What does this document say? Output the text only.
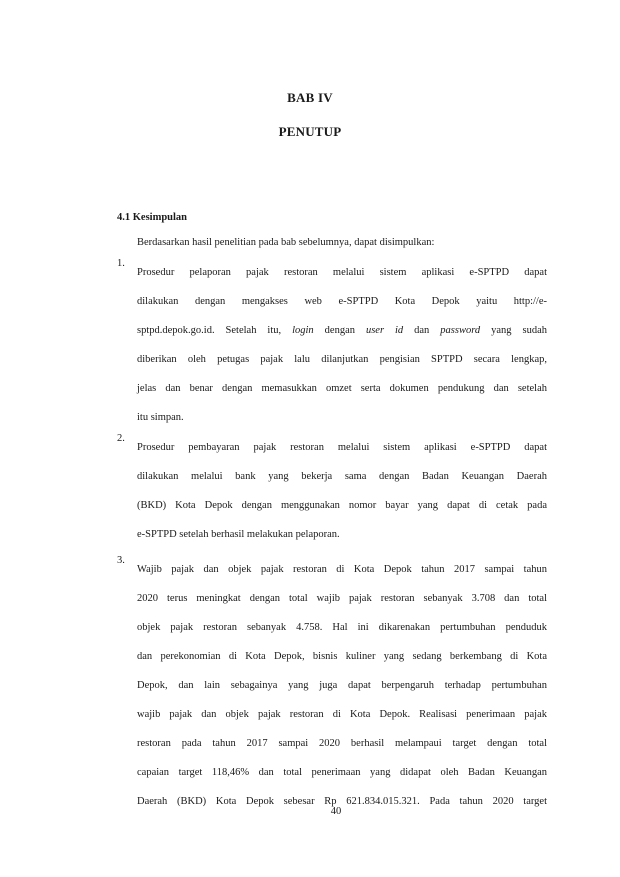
BAB IV
PENUTUP
4.1 Kesimpulan
Berdasarkan hasil penelitian pada bab sebelumnya, dapat disimpulkan:
1.
Prosedur pelaporan pajak restoran melalui sistem aplikasi e-SPTPD dapat
dilakukan dengan mengakses web e-SPTPD Kota Depok yaitu http://e-
sptpd.depok.go.id. Setelah itu, login dengan user id dan password yang sudah
diberikan oleh petugas pajak lalu dilanjutkan pengisian SPTPD secara lengkap,
jelas dan benar dengan memasukkan omzet serta dokumen pendukung dan setelah
itu simpan.
2.
Prosedur pembayaran pajak restoran melalui sistem aplikasi e-SPTPD dapat
dilakukan melalui bank yang bekerja sama dengan Badan Keuangan Daerah
(BKD) Kota Depok dengan menggunakan nomor bayar yang dapat di cetak pada
e-SPTPD setelah berhasil melakukan pelaporan.
3.
Wajib pajak dan objek pajak restoran di Kota Depok tahun 2017 sampai tahun
2020 terus meningkat dengan total wajib pajak restoran sebanyak 3.708 dan total
objek pajak restoran sebanyak 4.758. Hal ini dikarenakan pertumbuhan penduduk
dan perekonomian di Kota Depok, bisnis kuliner yang sedang berkembang di Kota
Depok, dan lain sebagainya yang juga dapat berpengaruh terhadap pertumbuhan
wajib pajak dan objek pajak restoran di Kota Depok. Realisasi penerimaan pajak
restoran pada tahun 2017 sampai 2020 berhasil melampaui target dengan total
capaian target 118,46% dan total penerimaan yang didapat oleh Badan Keuangan
Daerah (BKD) Kota Depok sebesar Rp 621.834.015.321. Pada tahun 2020 target
40
